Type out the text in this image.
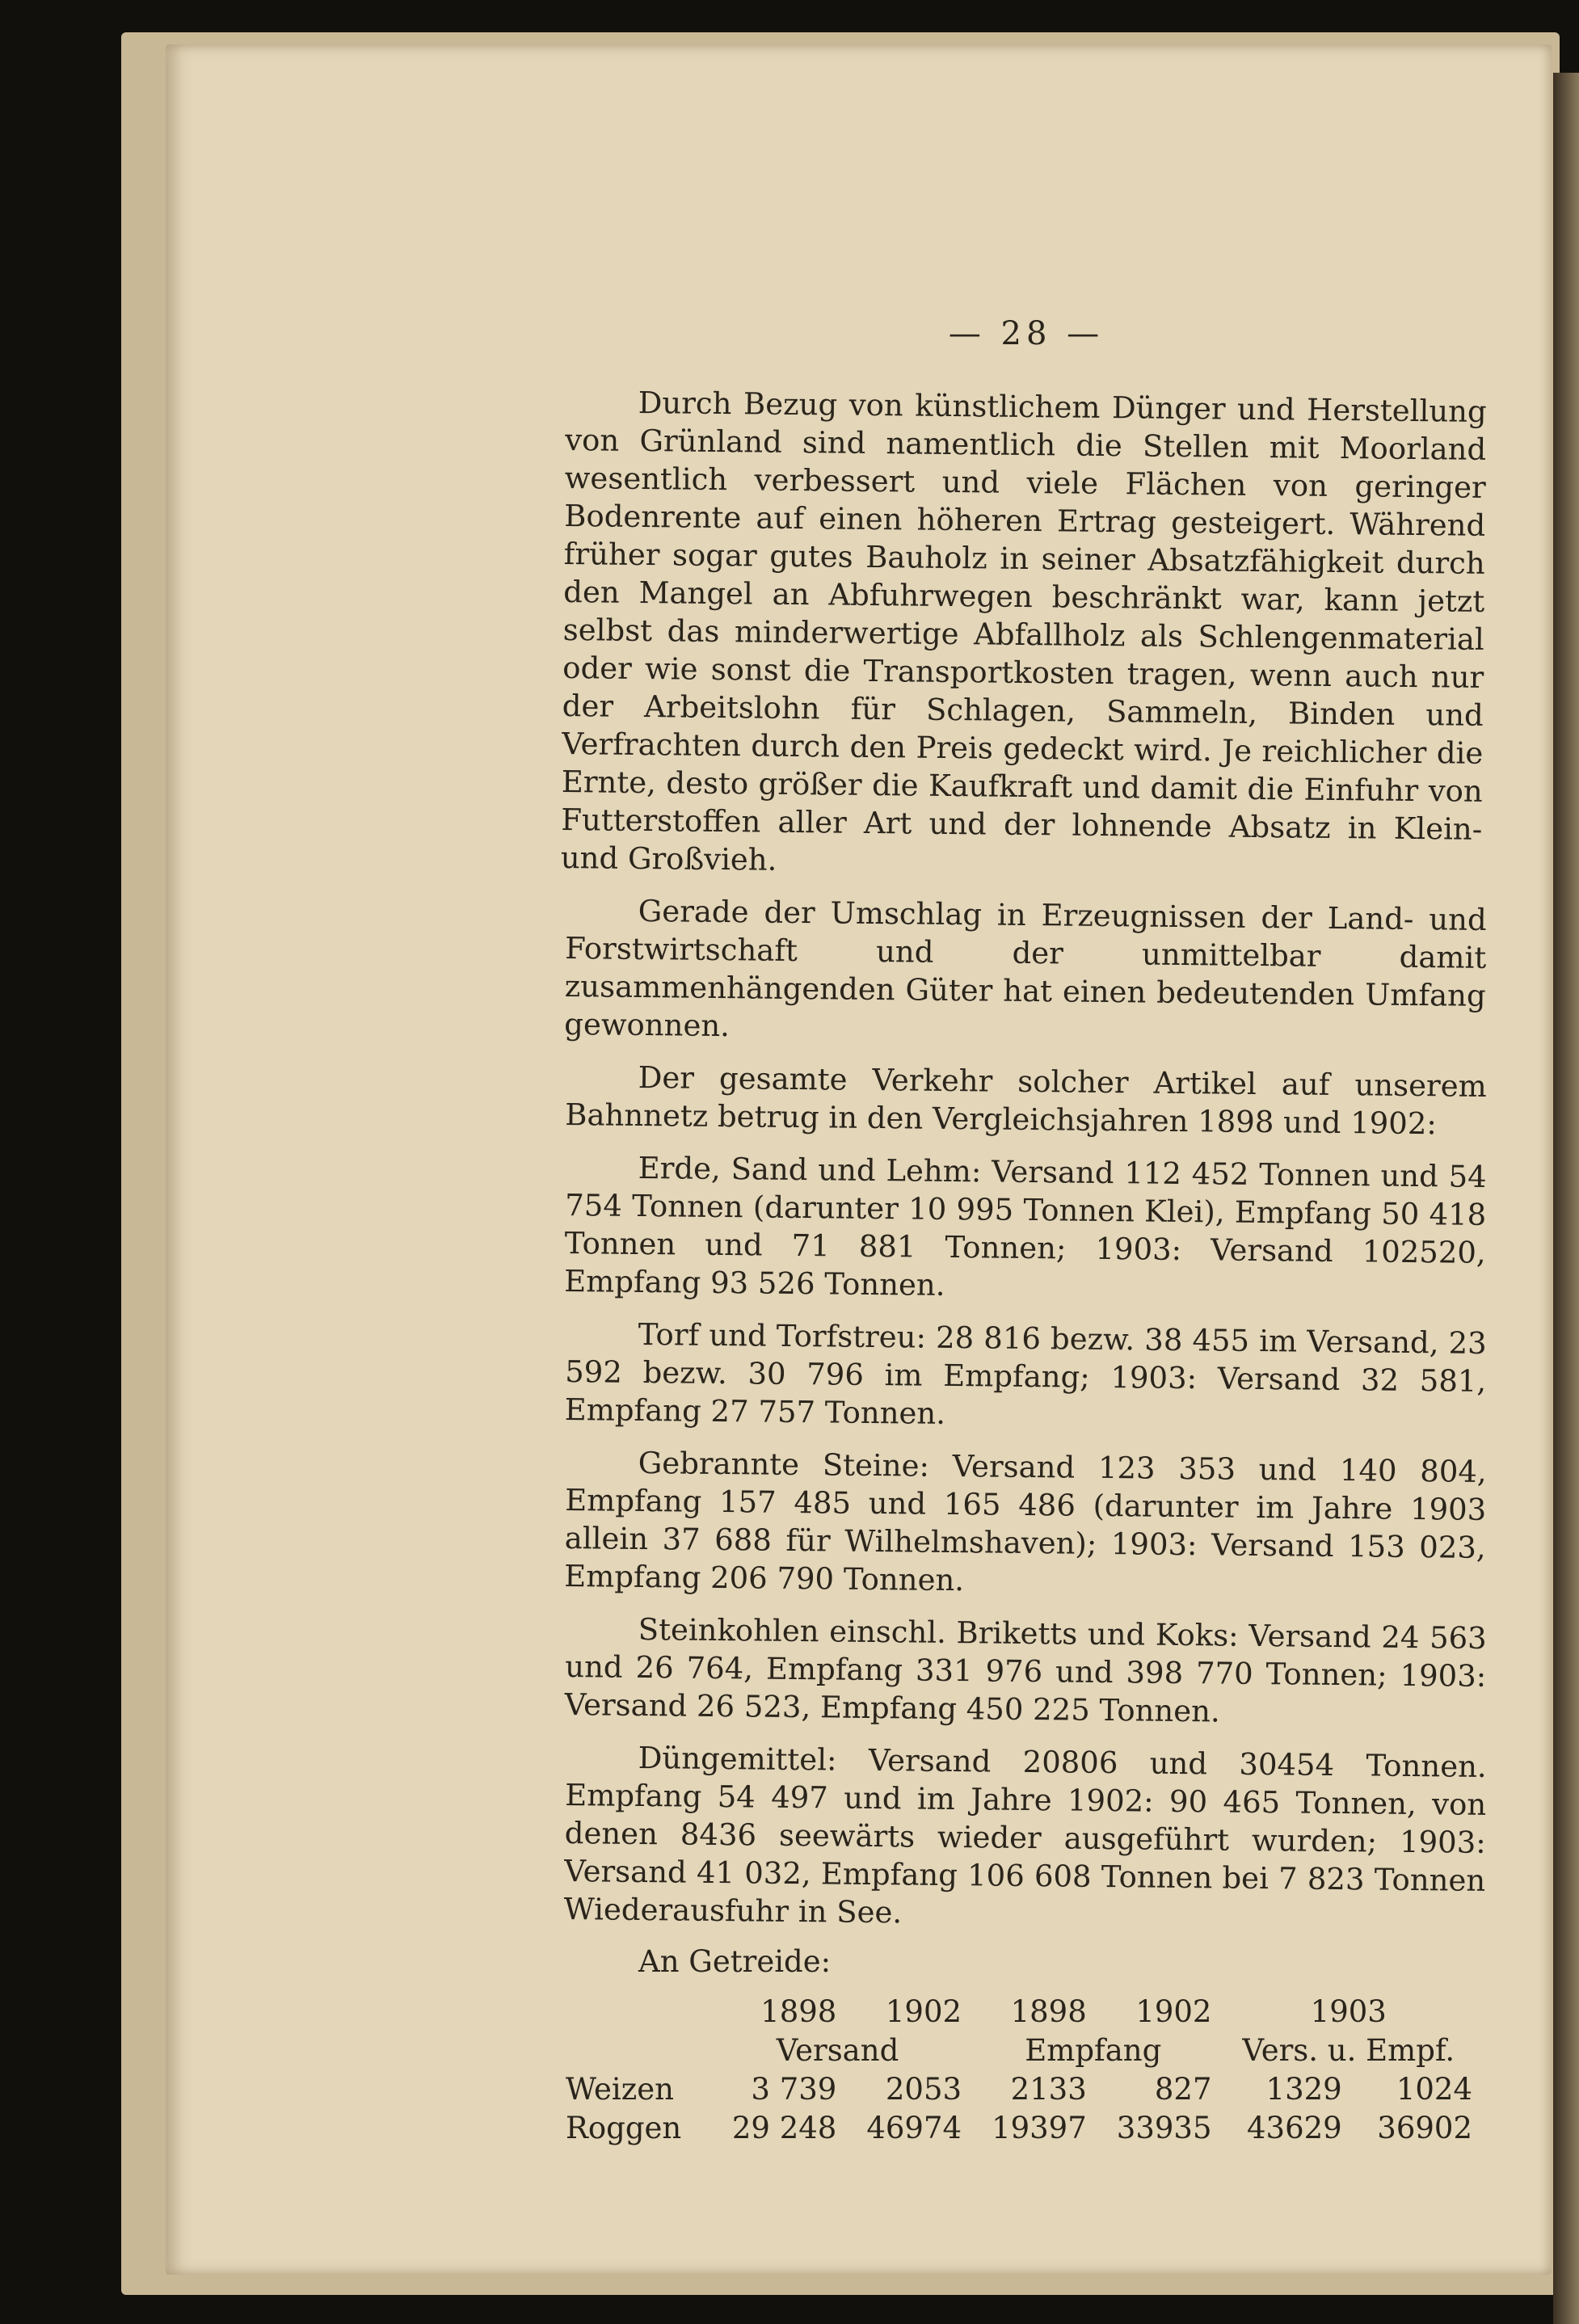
— 28 —

Durch Bezug von künstlichem Dünger und Herstellung von Grünland sind namentlich die Stellen mit Moorland wesentlich verbessert und viele Flächen von geringer Bodenrente auf einen höheren Ertrag gesteigert. Während früher sogar gutes Bauholz in seiner Absatzfähigkeit durch den Mangel an Abfuhrwegen beschränkt war, kann jetzt selbst das minderwertige Abfallholz als Schlengenmaterial oder wie sonst die Transportkosten tragen, wenn auch nur der Arbeitslohn für Schlagen, Sammeln, Binden und Verfrachten durch den Preis gedeckt wird. Je reichlicher die Ernte, desto größer die Kaufkraft und damit die Einfuhr von Futterstoffen aller Art und der lohnende Absatz in Klein- und Großvieh.

Gerade der Umschlag in Erzeugnissen der Land- und Forstwirtschaft und der unmittelbar damit zusammenhängenden Güter hat einen bedeutenden Umfang gewonnen.

Der gesamte Verkehr solcher Artikel auf unserem Bahnnetz betrug in den Vergleichsjahren 1898 und 1902:

Erde, Sand und Lehm: Versand 112 452 Tonnen und 54 754 Tonnen (darunter 10 995 Tonnen Klei), Empfang 50 418 Tonnen und 71 881 Tonnen; 1903: Versand 102520, Empfang 93 526 Tonnen.

Torf und Torfstreu: 28 816 bezw. 38 455 im Versand, 23 592 bezw. 30 796 im Empfang; 1903: Versand 32 581, Empfang 27 757 Tonnen.

Gebrannte Steine: Versand 123 353 und 140 804, Empfang 157 485 und 165 486 (darunter im Jahre 1903 allein 37 688 für Wilhelmshaven); 1903: Versand 153 023, Empfang 206 790 Tonnen.

Steinkohlen einschl. Briketts und Koks: Versand 24 563 und 26 764, Empfang 331 976 und 398 770 Tonnen; 1903: Versand 26 523, Empfang 450 225 Tonnen.

Düngemittel: Versand 20806 und 30454 Tonnen. Empfang 54 497 und im Jahre 1902: 90 465 Tonnen, von denen 8436 seewärts wieder ausgeführt wurden; 1903: Versand 41 032, Empfang 106 608 Tonnen bei 7 823 Tonnen Wiederausfuhr in See.

An Getreide:
	1898	1902	1898	1902	1903	
	Versand		Empfang		Vers. u. Empf.	
Weizen	3 739	2053	2133	827	1329	1024
Roggen	29 248	46974	19397	33935	43629	36902
